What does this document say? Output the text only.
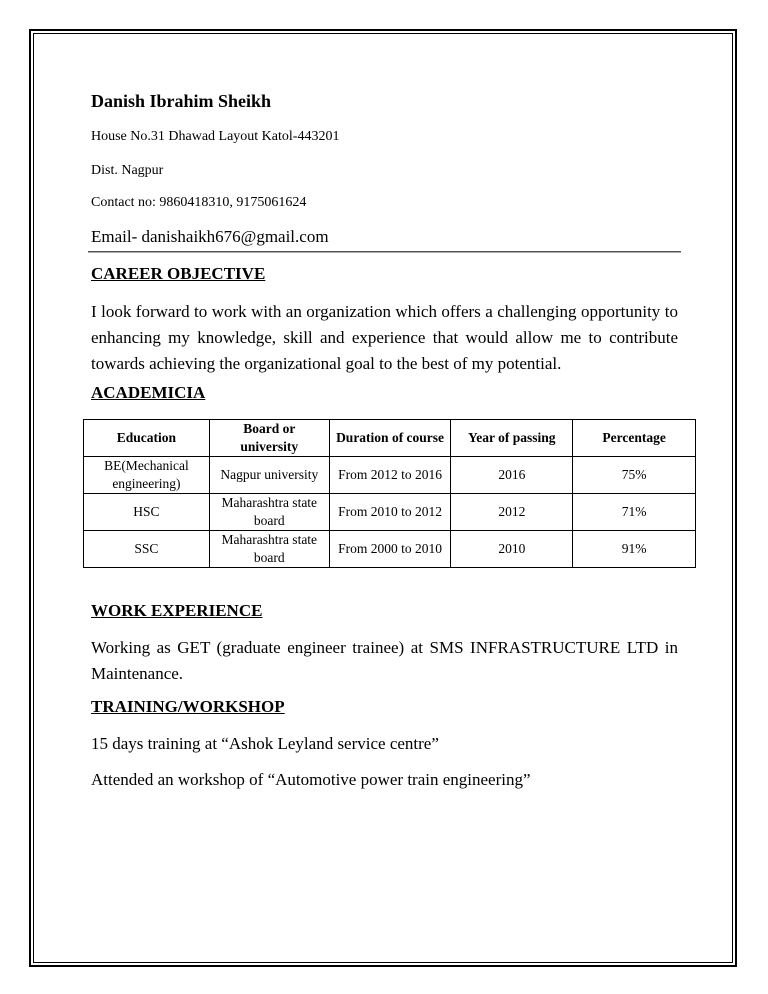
Danish Ibrahim Sheikh
House No.31 Dhawad Layout Katol-443201
Dist. Nagpur
Contact no: 9860418310, 9175061624
Email- danishaikh676@gmail.com
CAREER OBJECTIVE
I look forward to work with an organization which offers a challenging opportunity to enhancing my knowledge, skill and experience that would allow me to contribute towards achieving the organizational goal to the best of my potential.
ACADEMICIA
Education	Board or university	Duration of course	Year of passing	Percentage
BE(Mechanical engineering)	Nagpur university	From 2012 to 2016	2016	75%
HSC	Maharashtra state board	From 2010 to 2012	2012	71%
SSC	Maharashtra state board	From 2000 to 2010	2010	91%
WORK EXPERIENCE
Working as GET (graduate engineer trainee) at SMS INFRASTRUCTURE LTD in Maintenance.
TRAINING/WORKSHOP
15 days training at “Ashok Leyland service centre”
Attended an workshop of “Automotive power train engineering”
